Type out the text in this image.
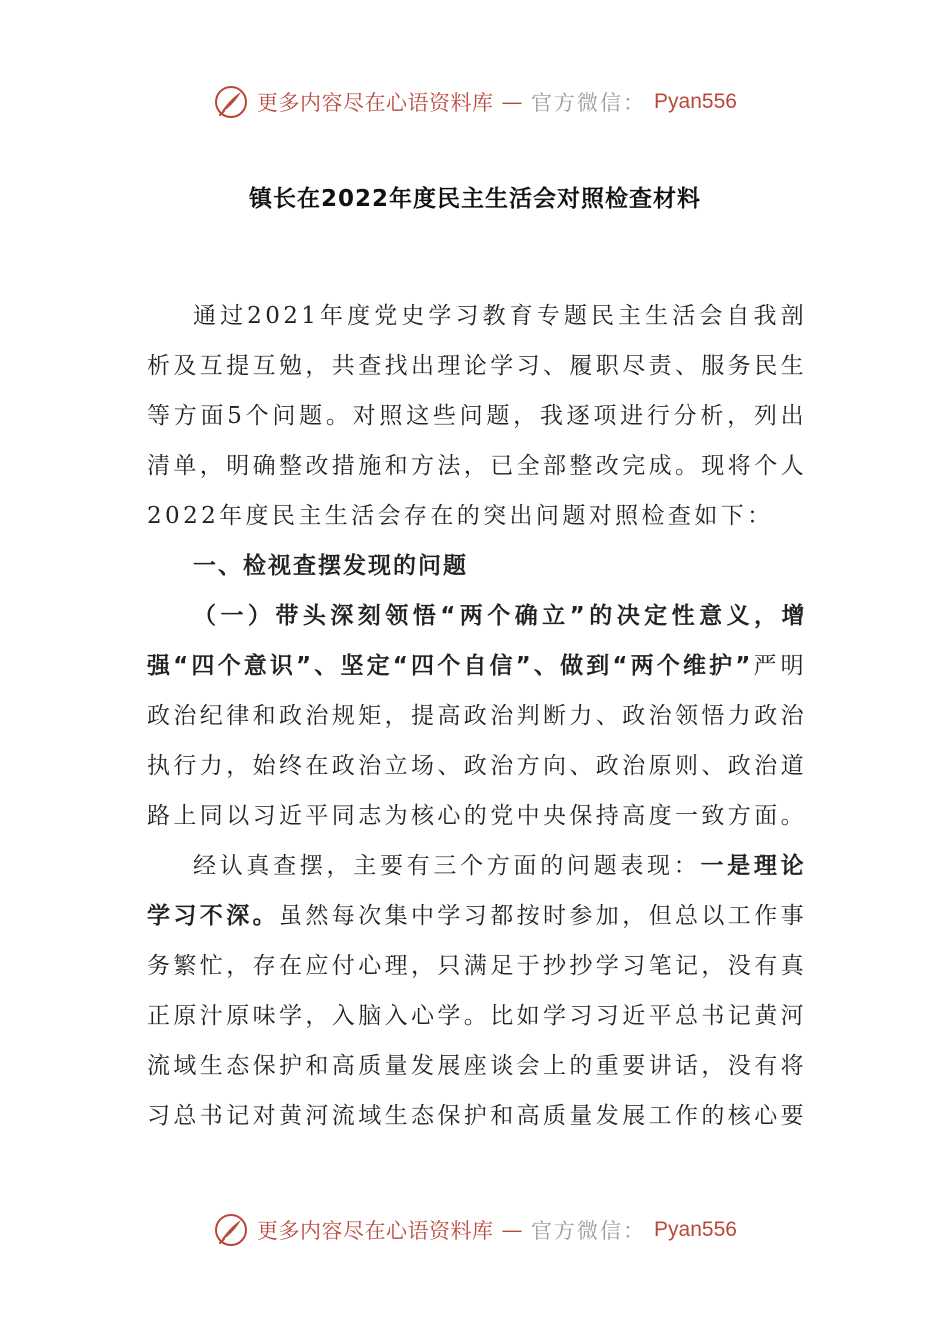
更多内容尽在心语资料库 — 官方微信： Pyan556
镇长在2022年度民主生活会对照检查材料

通过2021年度党史学习教育专题民主生活会自我剖析及互提互勉，共查找出理论学习、履职尽责、服务民生等方面5个问题。对照这些问题，我逐项进行分析，列出清单，明确整改措施和方法，已全部整改完成。现将个人2022年度民主生活会存在的突出问题对照检查如下：

一、检视查摆发现的问题

（一）带头深刻领悟“两个确立”的决定性意义，增强“四个意识”、坚定“四个自信”、做到“两个维护”严明政治纪律和政治规矩，提高政治判断力、政治领悟力政治执行力，始终在政治立场、政治方向、政治原则、政治道路上同以习近平同志为核心的党中央保持高度一致方面。

经认真查摆，主要有三个方面的问题表现：一是理论学习不深。虽然每次集中学习都按时参加，但总以工作事务繁忙，存在应付心理，只满足于抄抄学习笔记，没有真正原汁原味学，入脑入心学。比如学习习近平总书记黄河流域生态保护和高质量发展座谈会上的重要讲话，没有将习总书记对黄河流域生态保护和高质量发展工作的核心要

更多内容尽在心语资料库 — 官方微信： Pyan556
